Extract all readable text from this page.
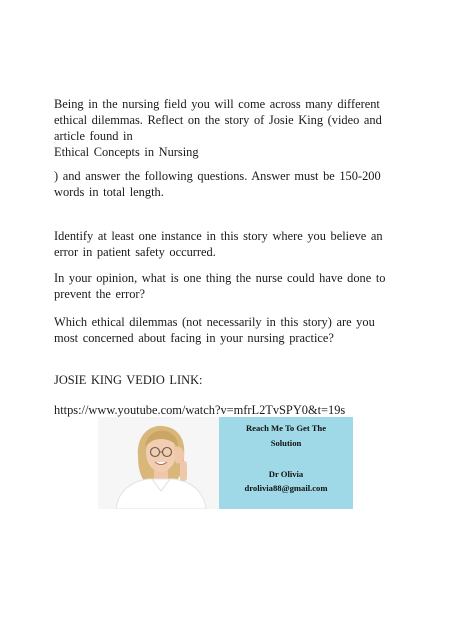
Being in the nursing field you will come across many different
ethical dilemmas. Reflect on the story of Josie King (video and
article found in
Ethical Concepts in Nursing
) and answer the following questions. Answer must be 150-200
words in total length.
Identify at least one instance in this story where you believe an
error in patient safety occurred.
In your opinion, what is one thing the nurse could have done to
prevent the error?
Which ethical dilemmas (not necessarily in this story) are you
most concerned about facing in your nursing practice?
JOSIE KING VEDIO LINK:
https://www.youtube.com/watch?v=mfrL2TvSPY0&t=19s
Reach Me To Get The
Solution
Dr Olivia
drolivia88@gmail.com
